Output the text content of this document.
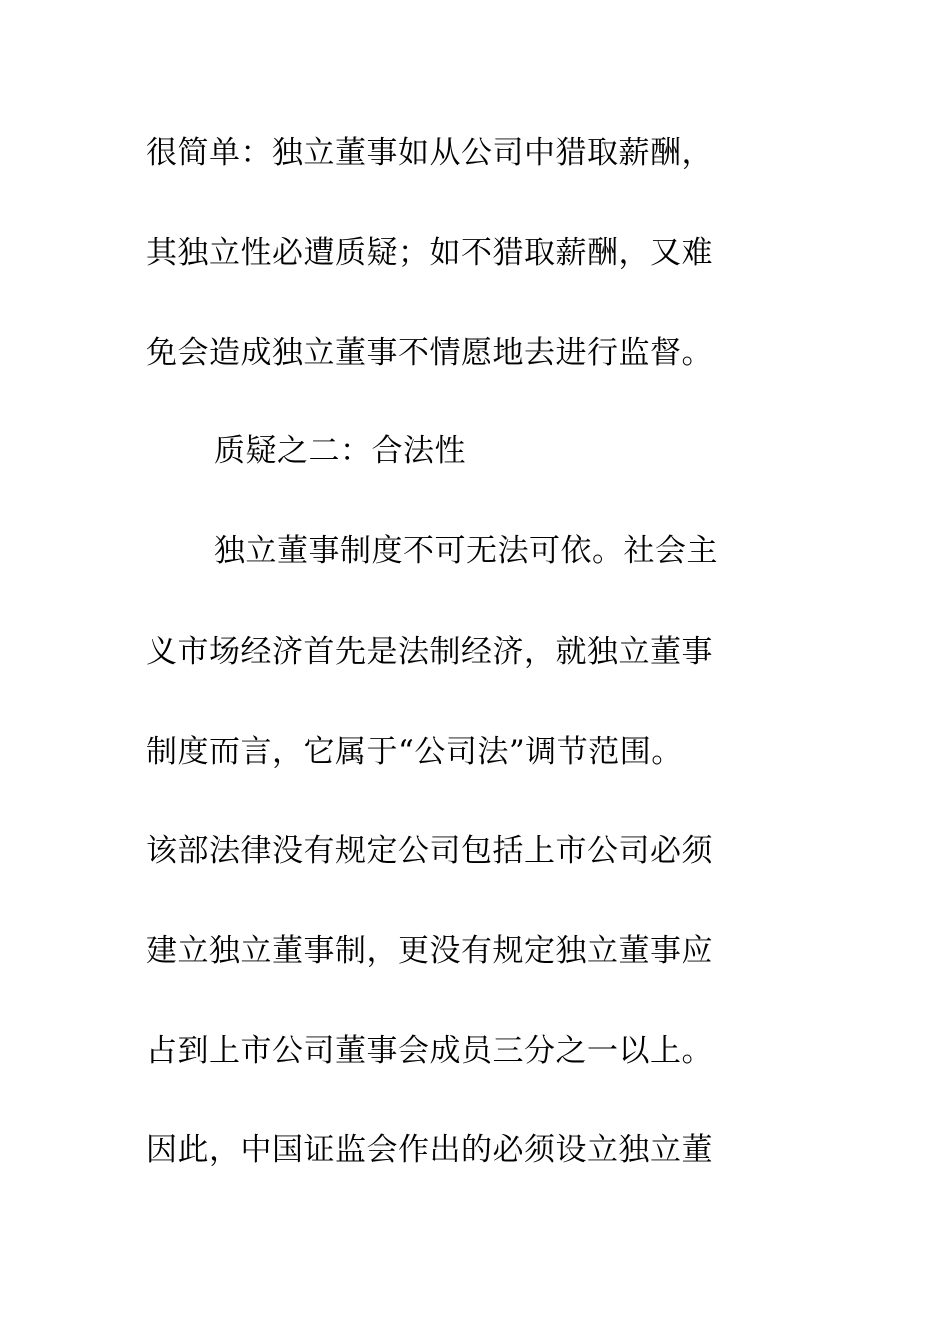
很简单：独立董事如从公司中猎取薪酬，
其独立性必遭质疑；如不猎取薪酬，又难
免会造成独立董事不情愿地去进行监督。
质疑之二：合法性
独立董事制度不可无法可依。社会主
义市场经济首先是法制经济，就独立董事
制度而言，它属于“公司法”调节范围。
该部法律没有规定公司包括上市公司必须
建立独立董事制，更没有规定独立董事应
占到上市公司董事会成员三分之一以上。
因此，中国证监会作出的必须设立独立董
